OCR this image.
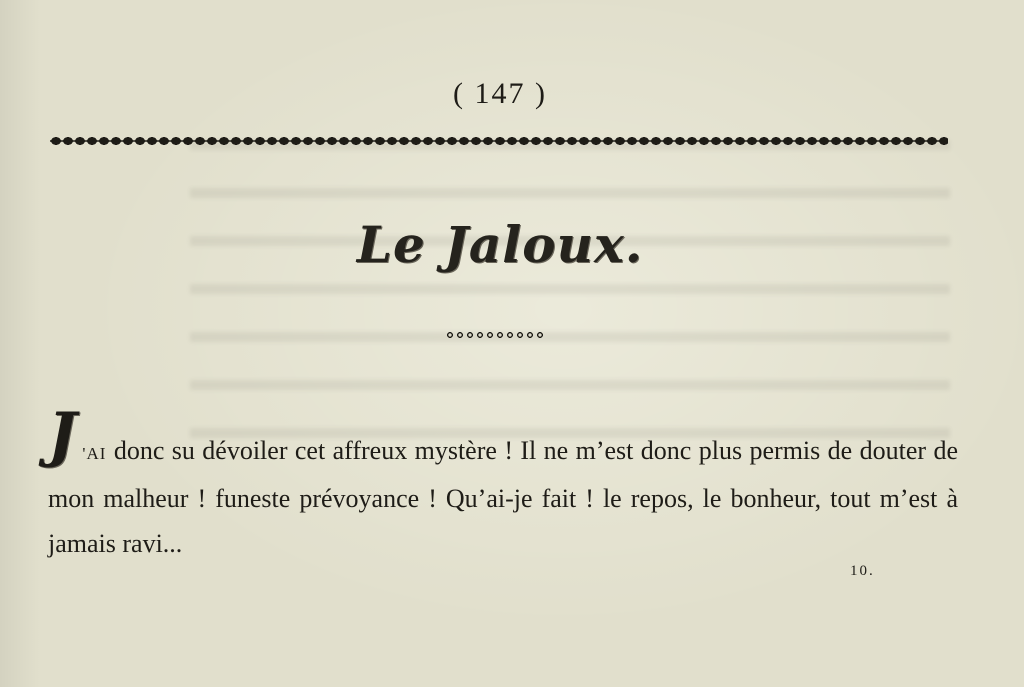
( 147 )
Le Jaloux.

J 'AI donc su dévoiler cet affreux mystère ! Il ne m’est donc plus permis de douter de mon malheur ! funeste prévoyance ! Qu’ai-je fait ! le repos, le bonheur, tout m’est à jamais ravi...

10.
